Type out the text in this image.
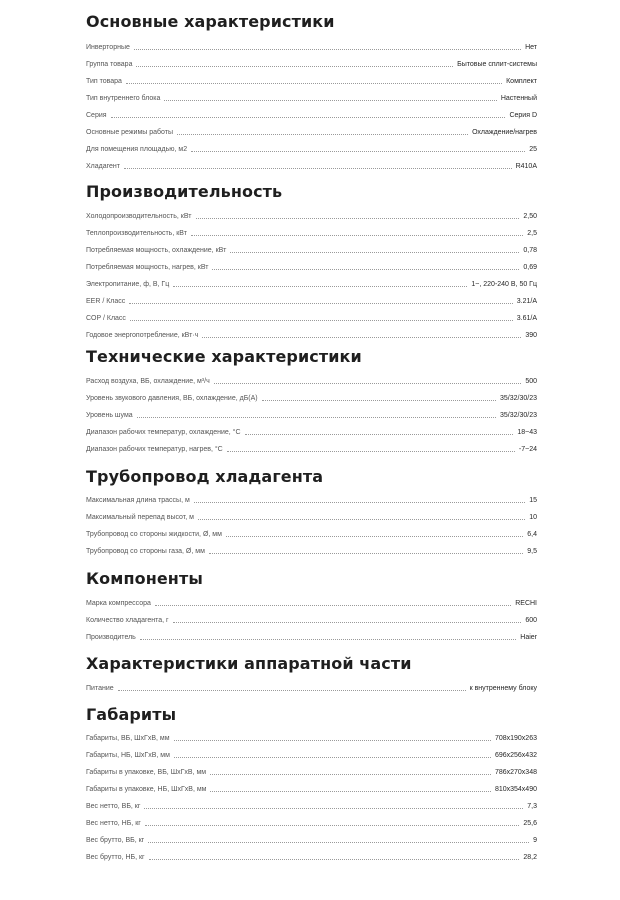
Основные характеристики
Инверторные	Нет
Группа товара	Бытовые сплит-системы
Тип товара	Комплект
Тип внутреннего блока	Настенный
Серия	Серия D
Основные режимы работы	Охлаждение/нагрев
Для помещения площадью, м2	25
Хладагент	R410A
Производительность
Холодопроизводительность, кВт	2,50
Теплопроизводительность, кВт	2,5
Потребляемая мощность, охлаждение, кВт	0,78
Потребляемая мощность, нагрев, кВт	0,69
Электропитание, ф, В, Гц	1~, 220-240 В, 50 Гц
EER / Класс	3.21/A
COP / Класс	3.61/A
Годовое энергопотребление, кВт·ч	390
Технические характеристики
Расход воздуха, ВБ, охлаждение, м³/ч	500
Уровень звукового давления, ВБ, охлаждение, дБ(А)	35/32/30/23
Уровень шума	35/32/30/23
Диапазон рабочих температур, охлаждение, °С	18~43
Диапазон рабочих температур, нагрев, °С	-7~24
Трубопровод хладагента
Максимальная длина трассы, м	15
Максимальный перепад высот, м	10
Трубопровод со стороны жидкости, Ø, мм	6,4
Трубопровод со стороны газа, Ø, мм	9,5
Компоненты
Марка компрессора	RECHI
Количество хладагента, г	600
Производитель	Haier
Характеристики аппаратной части
Питание	к внутреннему блоку
Габариты
Габариты, ВБ, ШхГхВ, мм	708x190x263
Габариты, НБ, ШхГхВ, мм	696x256x432
Габариты в упаковке, ВБ, ШхГхВ, мм	786x270x348
Габариты в упаковке, НБ, ШхГхВ, мм	810x354x490
Вес нетто, ВБ, кг	7,3
Вес нетто, НБ, кг	25,6
Вес брутто, ВБ, кг	9
Вес брутто, НБ, кг	28,2
